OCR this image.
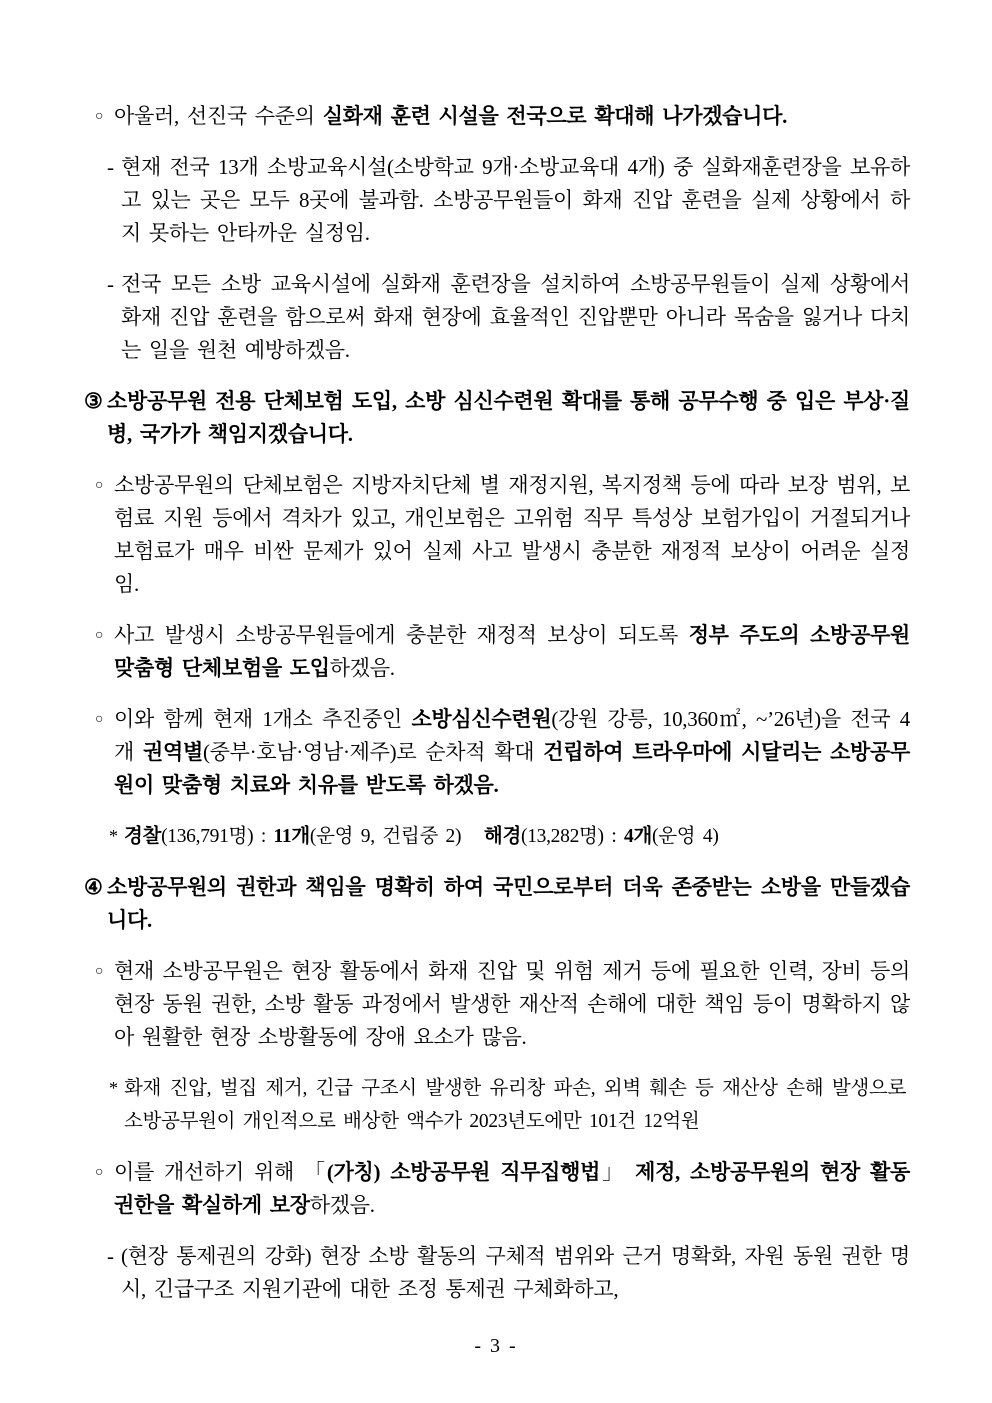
○ 아울러, 선진국 수준의 실화재 훈련 시설을 전국으로 확대해 나가겠습니다.
- 현재 전국 13개 소방교육시설(소방학교 9개·소방교육대 4개) 중 실화재훈련장을 보유하고 있는 곳은 모두 8곳에 불과함. 소방공무원들이 화재 진압 훈련을 실제 상황에서 하지 못하는 안타까운 실정임.
- 전국 모든 소방 교육시설에 실화재 훈련장을 설치하여 소방공무원들이 실제 상황에서 화재 진압 훈련을 함으로써 화재 현장에 효율적인 진압뿐만 아니라 목숨을 잃거나 다치는 일을 원천 예방하겠음.
③ 소방공무원 전용 단체보험 도입, 소방 심신수련원 확대를 통해 공무수행 중 입은 부상·질병, 국가가 책임지겠습니다.
○ 소방공무원의 단체보험은 지방자치단체 별 재정지원, 복지정책 등에 따라 보장 범위, 보험료 지원 등에서 격차가 있고, 개인보험은 고위험 직무 특성상 보험가입이 거절되거나 보험료가 매우 비싼 문제가 있어 실제 사고 발생시 충분한 재정적 보상이 어려운 실정임.
○ 사고 발생시 소방공무원들에게 충분한 재정적 보상이 되도록 정부 주도의 소방공무원 맞춤형 단체보험을 도입하겠음.
○ 이와 함께 현재 1개소 추진중인 소방심신수련원(강원 강릉, 10,360㎡, ~’26년)을 전국 4개 권역별(중부·호남·영남·제주)로 순차적 확대 건립하여 트라우마에 시달리는 소방공무원이 맞춤형 치료와 치유를 받도록 하겠음.
* 경찰(136,791명) : 11개(운영 9, 건립중 2)   해경(13,282명) : 4개(운영 4)
④ 소방공무원의 권한과 책임을 명확히 하여 국민으로부터 더욱 존중받는 소방을 만들겠습니다.
○ 현재 소방공무원은 현장 활동에서 화재 진압 및 위험 제거 등에 필요한 인력, 장비 등의 현장 동원 권한, 소방 활동 과정에서 발생한 재산적 손해에 대한 책임 등이 명확하지 않아 원활한 현장 소방활동에 장애 요소가 많음.
* 화재 진압, 벌집 제거, 긴급 구조시 발생한 유리창 파손, 외벽 훼손 등 재산상 손해 발생으로 소방공무원이 개인적으로 배상한 액수가 2023년도에만 101건 12억원
○ 이를 개선하기 위해 「(가칭) 소방공무원 직무집행법」 제정, 소방공무원의 현장 활동 권한을 확실하게 보장하겠음.
- (현장 통제권의 강화) 현장 소방 활동의 구체적 범위와 근거 명확화, 자원 동원 권한 명시, 긴급구조 지원기관에 대한 조정 통제권 구체화하고,
- 3 -
